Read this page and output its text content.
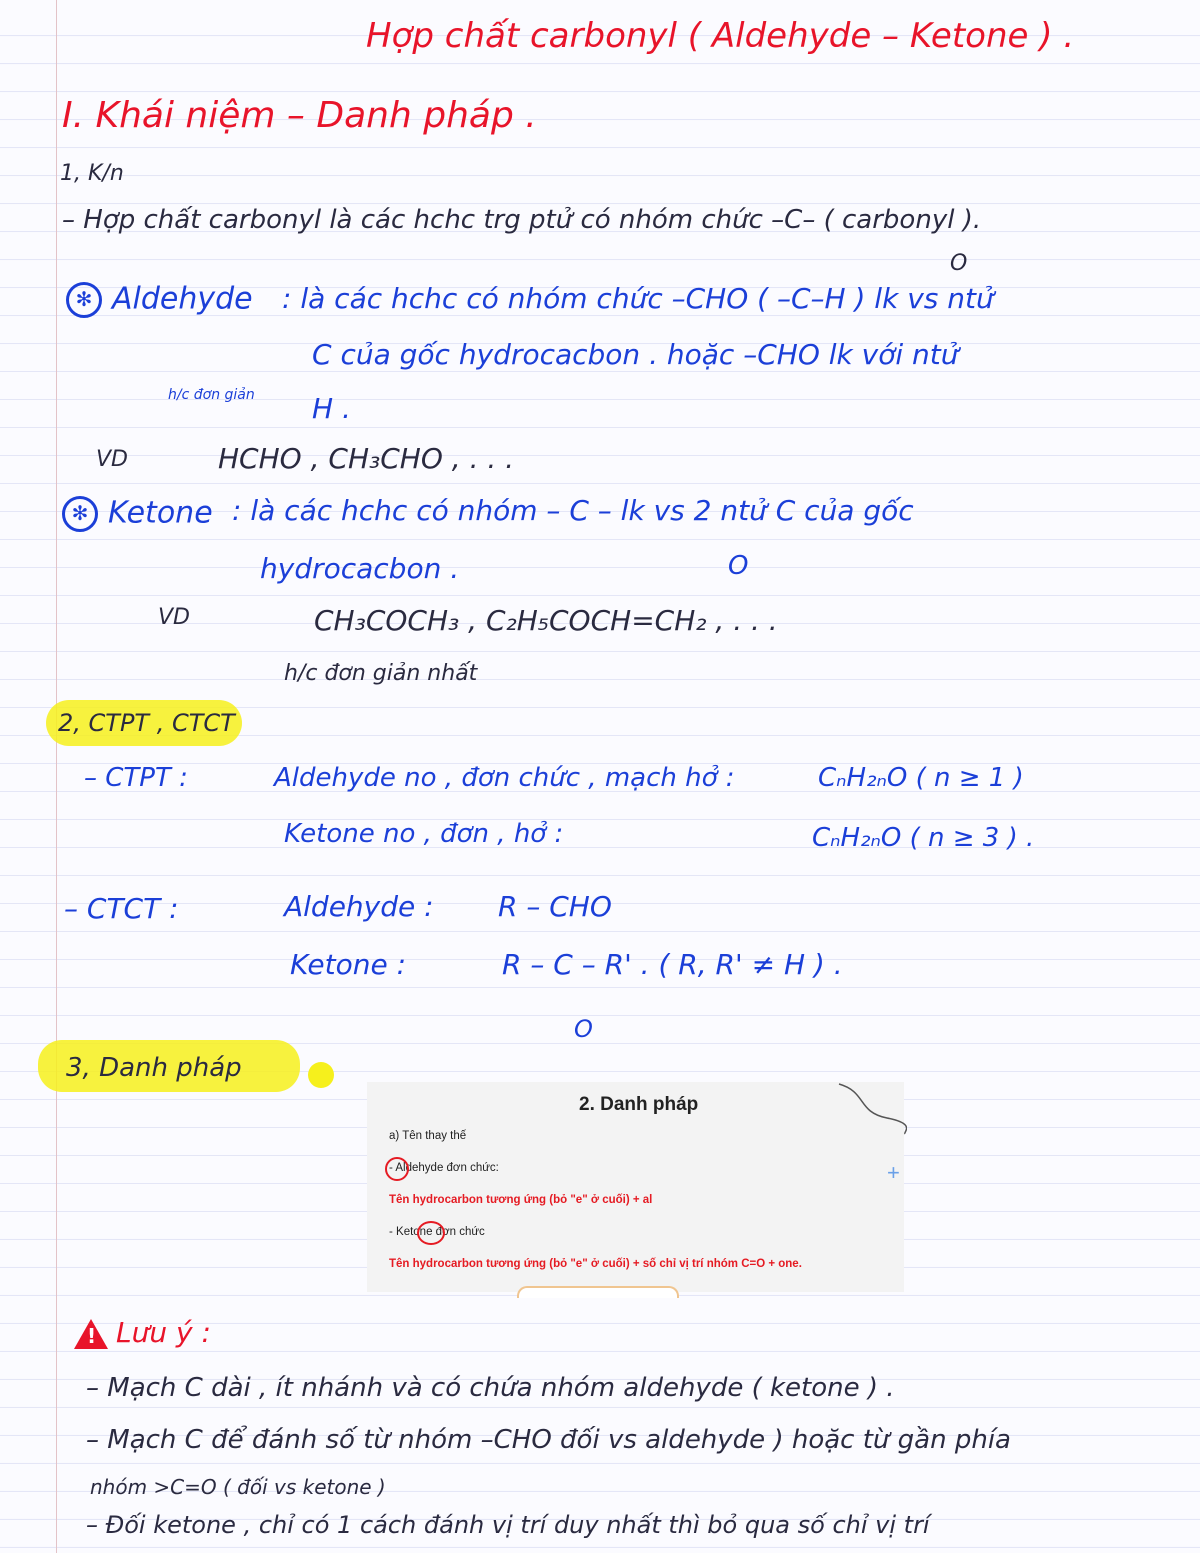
Hợp chất carbonyl ( Aldehyde – Ketone ) .
I. Khái niệm – Danh pháp .
1, K/n
– Hợp chất carbonyl là các hchc trg ptử có nhóm chức –C– ( carbonyl ).
O
✻ Aldehyde : là các hchc có nhóm chức –CHO ( –C–H ) lk vs ntử
C của gốc hydrocacbon . hoặc –CHO lk với ntử
h/c đơn giản H .
VD	HCHO , CH₃CHO , . . .
✻ Ketone : là các hchc có nhóm – C – lk vs 2 ntử C của gốc
hydrocacbon .	O
VD	CH₃COCH₃ , C₂H₅COCH=CH₂ , . . .
h/c đơn giản nhất
2, CTPT , CTCT
– CTPT :	Aldehyde no , đơn chức , mạch hở :	CₙH₂ₙO ( n ≥ 1 )
Ketone no , đơn , hở :	CₙH₂ₙO ( n ≥ 3 ) .
– CTCT :	Aldehyde : R – CHO
Ketone :	R – C – R' . ( R, R' ≠ H ) .
O
3, Danh pháp
2. Danh pháp
a) Tên thay thế
- Aldehyde đơn chức:
Tên hydrocarbon tương ứng (bỏ "e" ở cuối) + al
- Ketone đơn chức
Tên hydrocarbon tương ứng (bỏ "e" ở cuối) + số chỉ vị trí nhóm C=O + one.
+
!Lưu ý :
– Mạch C dài , ít nhánh và có chứa nhóm aldehyde ( ketone ) .
– Mạch C để đánh số từ nhóm –CHO đối vs aldehyde ) hoặc từ gần phía
nhóm >C=O ( đối vs ketone )
– Đối ketone , chỉ có 1 cách đánh vị trí duy nhất thì bỏ qua số chỉ vị trí
